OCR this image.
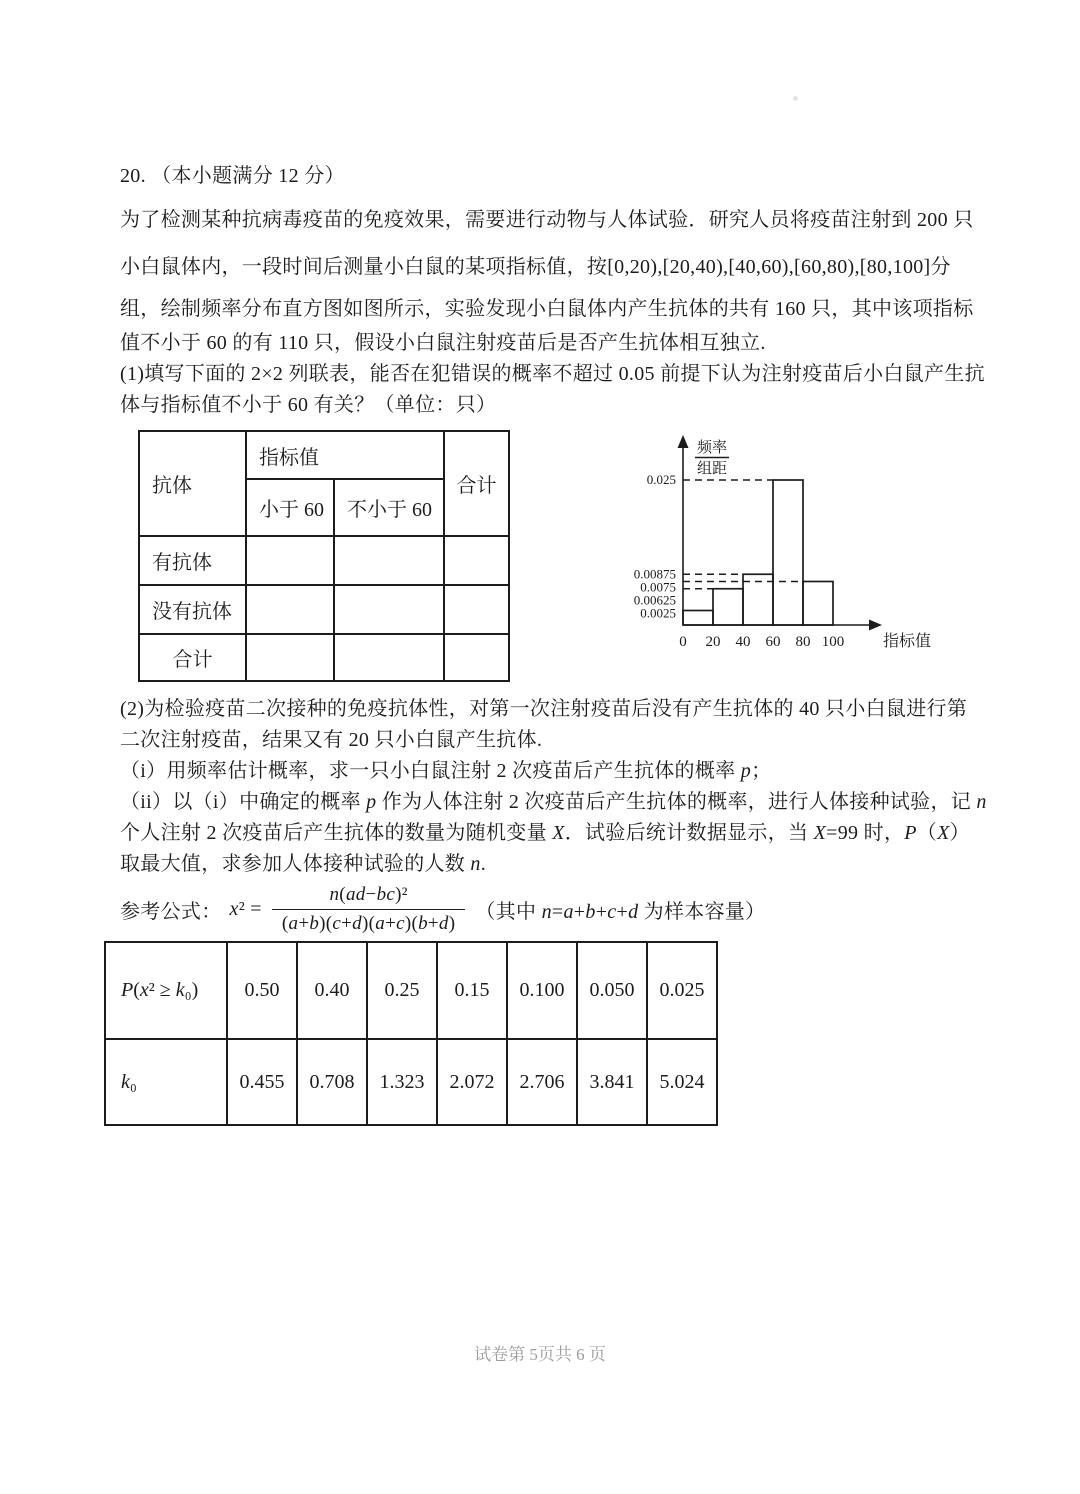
20. （本小题满分 12 分）
为了检测某种抗病毒疫苗的免疫效果，需要进行动物与人体试验．研究人员将疫苗注射到 200 只
小白鼠体内，一段时间后测量小白鼠的某项指标值，按[0,20),[20,40),[40,60),[60,80),[80,100]分
组，绘制频率分布直方图如图所示，实验发现小白鼠体内产生抗体的共有 160 只，其中该项指标
值不小于 60 的有 110 只，假设小白鼠注射疫苗后是否产生抗体相互独立.
(1)填写下面的 2×2 列联表，能否在犯错误的概率不超过 0.05 前提下认为注射疫苗后小白鼠产生抗
体与指标值不小于 60 有关？（单位：只）
抗体	指标值		合计
	小于 60	不小于 60	
有抗体			
没有抗体			
合计			
0.025
0.00875
0.0075
0.00625
0.0025
0 20 40 60 80 100 指标值
频率
组距
(2)为检验疫苗二次接种的免疫抗体性，对第一次注射疫苗后没有产生抗体的 40 只小白鼠进行第
二次注射疫苗，结果又有 20 只小白鼠产生抗体.
（i）用频率估计概率，求一只小白鼠注射 2 次疫苗后产生抗体的概率 p；
（ii）以（i）中确定的概率 p 作为人体注射 2 次疫苗后产生抗体的概率，进行人体接种试验，记 n
个人注射 2 次疫苗后产生抗体的数量为随机变量 X．试验后统计数据显示，当 X=99 时，P（X）
取最大值，求参加人体接种试验的人数 n.
参考公式： $x^2 = \frac{\text{n(ad−bc)²}}{(a+b)(c+d)(a+c)(b+d)}$ （其中 n=a+b+c+d 为样本容量）
P(x² ≥ k₀)	0.50	0.40	0.25	0.15	0.100	0.050	0.025
k₀	0.455	0.708	1.323	2.072	2.706	3.841	5.024
试卷第 5页共 6 页
